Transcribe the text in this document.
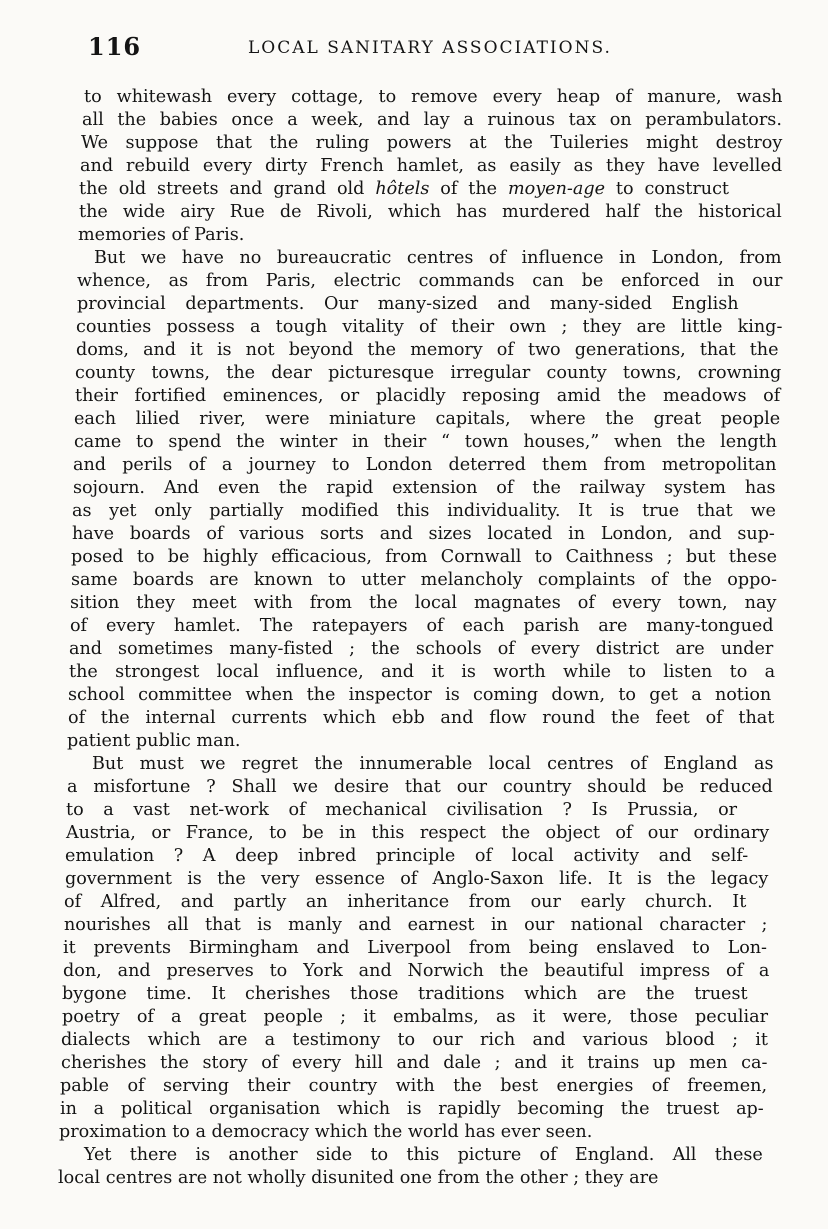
116	LOCAL SANITARY ASSOCIATIONS.

to whitewash every cottage, to remove every heap of manure, wash

all the babies once a week, and lay a ruinous tax on perambulators.

We suppose that the ruling powers at the Tuileries might destroy

and rebuild every dirty French hamlet, as easily as they have levelled

the old streets and grand old hôtels of the moyen-age to construct

the wide airy Rue de Rivoli, which has murdered half the historical

memories of Paris.

But we have no bureaucratic centres of influence in London, from

whence, as from Paris, electric commands can be enforced in our

provincial departments. Our many-sized and many-sided English

counties possess a tough vitality of their own ; they are little king-

doms, and it is not beyond the memory of two generations, that the

county towns, the dear picturesque irregular county towns, crowning

their fortified eminences, or placidly reposing amid the meadows of

each lilied river, were miniature capitals, where the great people

came to spend the winter in their “ town houses,” when the length

and perils of a journey to London deterred them from metropolitan

sojourn. And even the rapid extension of the railway system has

as yet only partially modified this individuality. It is true that we

have boards of various sorts and sizes located in London, and sup-

posed to be highly efficacious, from Cornwall to Caithness ; but these

same boards are known to utter melancholy complaints of the oppo-

sition they meet with from the local magnates of every town, nay

of every hamlet. The ratepayers of each parish are many-tongued

and sometimes many-fisted ; the schools of every district are under

the strongest local influence, and it is worth while to listen to a

school committee when the inspector is coming down, to get a notion

of the internal currents which ebb and flow round the feet of that

patient public man.

But must we regret the innumerable local centres of England as

a misfortune ? Shall we desire that our country should be reduced

to a vast net-work of mechanical civilisation ? Is Prussia, or

Austria, or France, to be in this respect the object of our ordinary

emulation ? A deep inbred principle of local activity and self-

government is the very essence of Anglo-Saxon life. It is the legacy

of Alfred, and partly an inheritance from our early church. It

nourishes all that is manly and earnest in our national character ;

it prevents Birmingham and Liverpool from being enslaved to Lon-

don, and preserves to York and Norwich the beautiful impress of a

bygone time. It cherishes those traditions which are the truest

poetry of a great people ; it embalms, as it were, those peculiar

dialects which are a testimony to our rich and various blood ; it

cherishes the story of every hill and dale ; and it trains up men ca-

pable of serving their country with the best energies of freemen,

in a political organisation which is rapidly becoming the truest ap-

proximation to a democracy which the world has ever seen.

Yet there is another side to this picture of England. All these

local centres are not wholly disunited one from the other ; they are
